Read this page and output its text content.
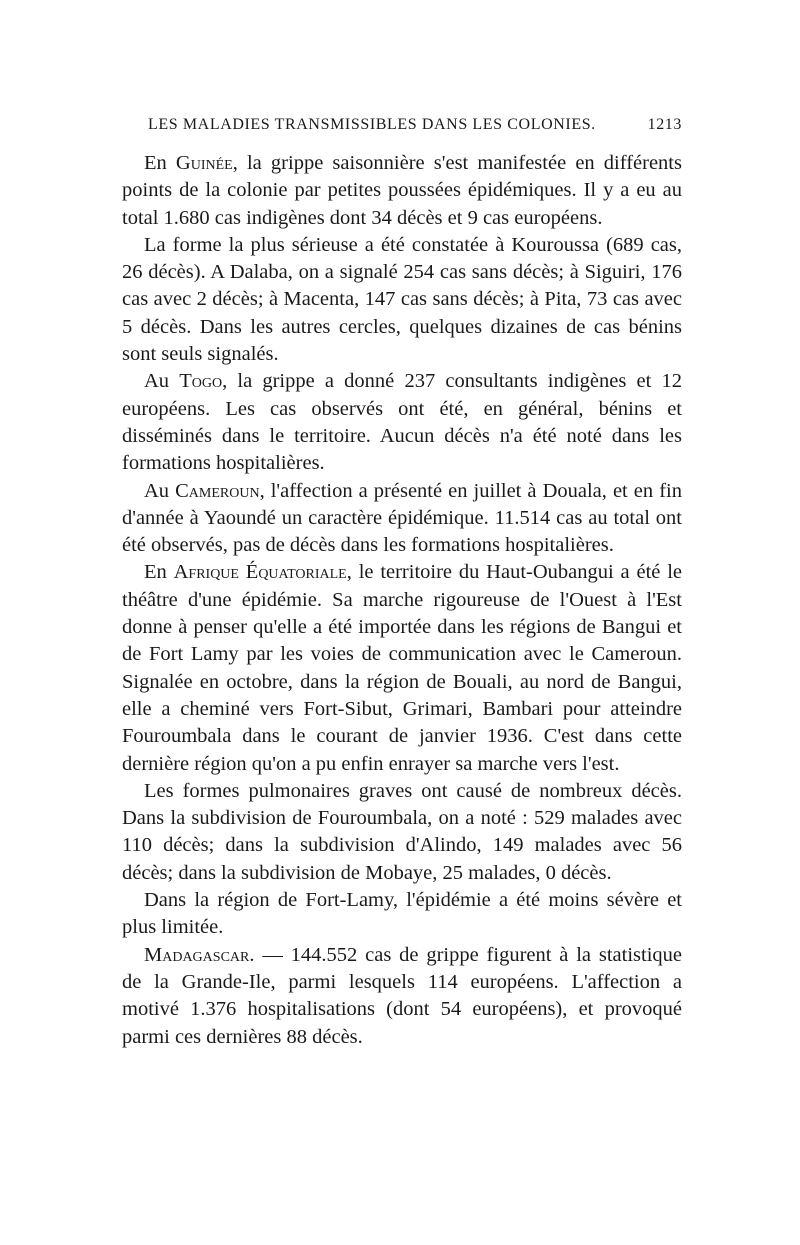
LES MALADIES TRANSMISSIBLES DANS LES COLONIES.	1213

En Guinée, la grippe saisonnière s'est manifestée en différents points de la colonie par petites poussées épidémiques. Il y a eu au total 1.680 cas indigènes dont 34 décès et 9 cas européens.

La forme la plus sérieuse a été constatée à Kouroussa (689 cas, 26 décès). A Dalaba, on a signalé 254 cas sans décès; à Siguiri, 176 cas avec 2 décès; à Macenta, 147 cas sans décès; à Pita, 73 cas avec 5 décès. Dans les autres cercles, quelques dizaines de cas bénins sont seuls signalés.

Au Togo, la grippe a donné 237 consultants indigènes et 12 européens. Les cas observés ont été, en général, bénins et disséminés dans le territoire. Aucun décès n'a été noté dans les formations hospitalières.

Au Cameroun, l'affection a présenté en juillet à Douala, et en fin d'année à Yaoundé un caractère épidémique. 11.514 cas au total ont été observés, pas de décès dans les formations hospitalières.

En Afrique Équatoriale, le territoire du Haut-Oubangui a été le théâtre d'une épidémie. Sa marche rigoureuse de l'Ouest à l'Est donne à penser qu'elle a été importée dans les régions de Bangui et de Fort Lamy par les voies de communication avec le Cameroun. Signalée en octobre, dans la région de Bouali, au nord de Bangui, elle a cheminé vers Fort-Sibut, Grimari, Bambari pour atteindre Fouroumbala dans le courant de janvier 1936. C'est dans cette dernière région qu'on a pu enfin enrayer sa marche vers l'est.

Les formes pulmonaires graves ont causé de nombreux décès. Dans la subdivision de Fouroumbala, on a noté : 529 malades avec 110 décès; dans la subdivision d'Alindo, 149 malades avec 56 décès; dans la subdivision de Mobaye, 25 malades, 0 décès.

Dans la région de Fort-Lamy, l'épidémie a été moins sévère et plus limitée.

Madagascar. — 144.552 cas de grippe figurent à la statistique de la Grande-Ile, parmi lesquels 114 européens. L'affection a motivé 1.376 hospitalisations (dont 54 européens), et provoqué parmi ces dernières 88 décès.
